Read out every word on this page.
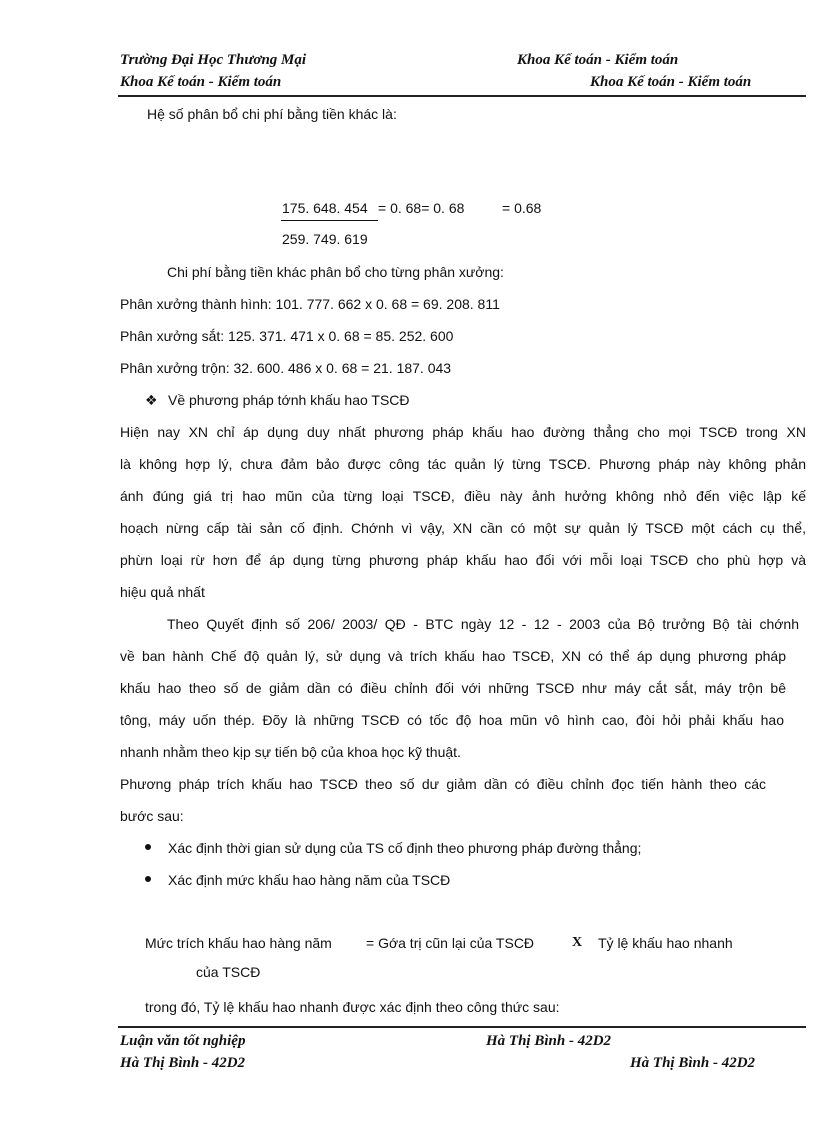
Trường Đại Học Thương Mại	Khoa Kế toán - Kiểm toán
Khoa Kế toán - Kiểm toán	Khoa Kế toán - Kiểm toán
Hệ số phân bổ chi phí bằng tiền khác là:
175. 648. 454 = 0. 68= 0. 68	= 0.68
259. 749. 619
Chi phí bằng tiền khác phân bổ cho từng phân xưởng:
Phân xưởng thành hình: 101. 777. 662 x 0. 68 = 69. 208. 811
Phân xưởng sắt: 125. 371. 471 x 0. 68 = 85. 252. 600
Phân xưởng trộn: 32. 600. 486 x 0. 68 = 21. 187. 043
❖ Về phương pháp tớnh khấu hao TSCĐ
Hiện nay XN chỉ áp dụng duy nhất phương pháp khấu hao đường thẳng cho mọi TSCĐ trong XN
là không hợp lý, chưa đảm bảo được công tác quản lý từng TSCĐ. Phương pháp này không phản
ánh đúng giá trị hao mũn của từng loại TSCĐ, điều này ảnh hưởng không nhỏ đến việc lập kế
hoạch nừng cấp tài sản cố định. Chớnh vì vậy, XN cần có một sự quản lý TSCĐ một cách cụ thể,
phừn loại rừ hơn để áp dụng từng phương pháp khấu hao đối với mỗi loại TSCĐ cho phù hợp và
hiệu quả nhất
Theo Quyết định số 206/ 2003/ QĐ - BTC ngày 12 - 12 - 2003 của Bộ trưởng Bộ tài chớnh
về ban hành Chế độ quản lý, sử dụng và trích khấu hao TSCĐ, XN có thể áp dụng phương pháp
khấu hao theo số de giảm dần có điều chỉnh đối với những TSCĐ như máy cắt sắt, máy trộn bê
tông, máy uốn thép. Đõy là những TSCĐ có tốc độ hoa mũn vô hình cao, đòi hỏi phải khấu hao
nhanh nhằm theo kịp sự tiến bộ của khoa học kỹ thuật.
Phương pháp trích khấu hao TSCĐ theo số dư giảm dần có điều chỉnh đọc tiến hành theo các
bước sau:
Xác định thời gian sử dụng của TS cố định theo phương pháp đường thẳng;
Xác định mức khấu hao hàng năm của TSCĐ
Mức trích khấu hao hàng năm = Gớa trị cũn lại của TSCĐ	X Tỷ lệ khấu hao nhanh
của TSCĐ
trong đó, Tỷ lệ khấu hao nhanh được xác định theo công thức sau:
Luận văn tốt nghiệp	Hà Thị Bình - 42D2
Hà Thị Bình - 42D2	Hà Thị Bình - 42D2
